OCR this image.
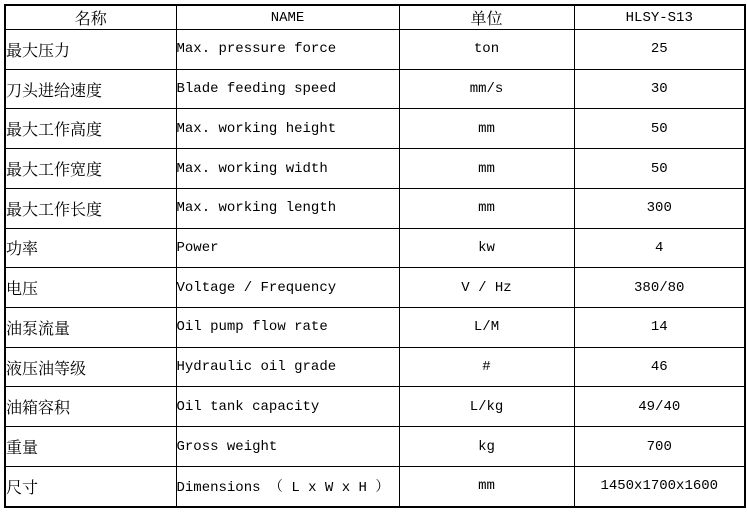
名称	NAME	单位	HLSY-S13
最大压力	Max. pressure force	ton	25
刀头进给速度	Blade feeding speed	mm/s	30
最大工作高度	Max. working height	mm	50
最大工作宽度	Max. working width	mm	50
最大工作长度	Max. working length	mm	300
功率	Power	kw	4
电压	Voltage / Frequency	V / Hz	380/80
油泵流量	Oil pump flow rate	L/M	14
液压油等级	Hydraulic oil grade	#	46
油箱容积	Oil tank capacity	L/kg	49/40
重量	Gross weight	kg	700
尺寸	Dimensions （ L x W x H ）	mm	1450x1700x1600
